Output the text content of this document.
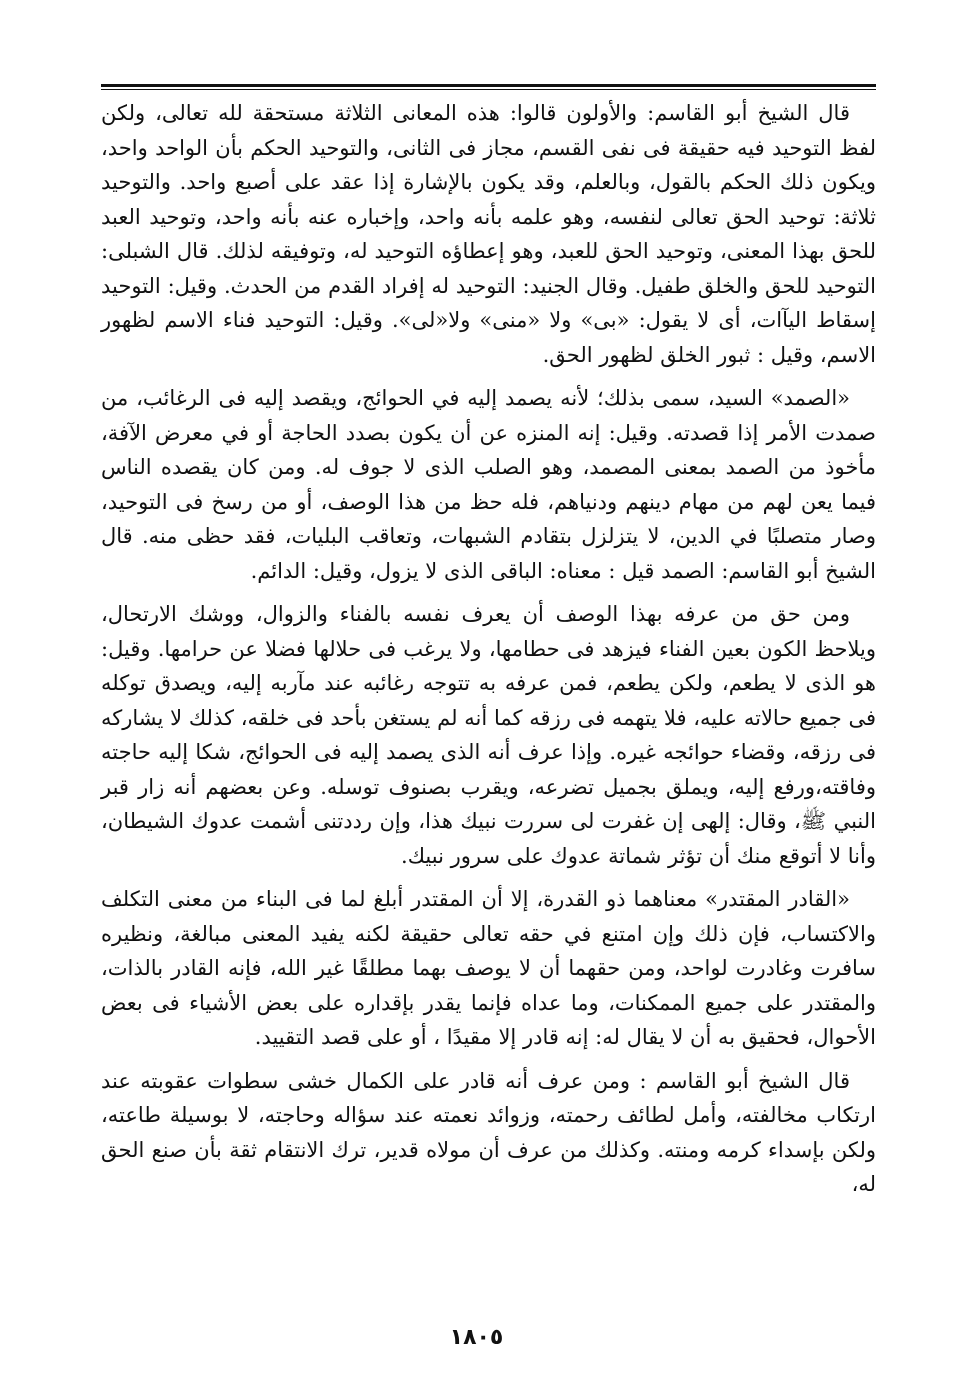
قال الشيخ أبو القاسم: والأولون قالوا: هذه المعانى الثلاثة مستحقة لله تعالى، ولكن لفظ التوحيد فيه حقيقة فى نفى القسم، مجاز فى الثانى، والتوحيد الحكم بأن الواحد واحد، ويكون ذلك الحكم بالقول، وبالعلم، وقد يكون بالإشارة إذا عقد على أصبع واحد. والتوحيد ثلاثة: توحيد الحق تعالى لنفسه، وهو علمه بأنه واحد، وإخباره عنه بأنه واحد، وتوحيد العبد للحق بهذا المعنى، وتوحيد الحق للعبد، وهو إعطاؤه التوحيد له، وتوفيقه لذلك. قال الشبلى: التوحيد للحق والخلق طفيل. وقال الجنيد: التوحيد له إفراد القدم من الحدث. وقيل: التوحيد إسقاط اليآات، أى لا يقول: «بى» ولا «منى» ولا«لى». وقيل: التوحيد فناء الاسم لظهور الاسم، وقيل : ثبور الخلق لظهور الحق.

«الصمد» السيد، سمى بذلك؛ لأنه يصمد إليه في الحوائج، ويقصد إليه فى الرغائب، من صمدت الأمر إذا قصدته. وقيل: إنه المنزه عن أن يكون بصدد الحاجة أو في معرض الآفة، مأخوذ من الصمد بمعنى المصمد، وهو الصلب الذى لا جوف له. ومن كان يقصده الناس فيما يعن لهم من مهام دينهم ودنياهم، فله حظ من هذا الوصف، أو من رسخ فى التوحيد، وصار متصلبًا في الدين، لا يتزلزل بتقادم الشبهات، وتعاقب البليات، فقد حظى منه. قال الشيخ أبو القاسم: الصمد قيل : معناه: الباقى الذى لا يزول، وقيل: الدائم.

ومن حق من عرفه بهذا الوصف أن يعرف نفسه بالفناء والزوال، ووشك الارتحال، ويلاحظ الكون بعين الفناء فيزهد فى حطامها، ولا يرغب فى حلالها فضلا عن حرامها. وقيل: هو الذى لا يطعم، ولكن يطعم، فمن عرفه به تتوجه رغائبه عند مآربه إليه، ويصدق توكله فى جميع حالاته عليه، فلا يتهمه فى رزقه كما أنه لم يستغن بأحد فى خلقه، كذلك لا يشاركه فى رزقه، وقضاء حوائجه غيره. وإذا عرف أنه الذى يصمد إليه فى الحوائج، شكا إليه حاجته وفاقته،ورفع إليه، ويملق بجميل تضرعه، ويقرب بصنوف توسله. وعن بعضهم أنه زار قبر النبي ﷺ، وقال: إلهى إن غفرت لى سررت نبيك هذا، وإن رددتنى أشمت عدوك الشيطان، وأنا لا أتوقع منك أن تؤثر شماتة عدوك على سرور نبيك.

«القادر المقتدر» معناهما ذو القدرة، إلا أن المقتدر أبلغ لما فى البناء من معنى التكلف والاكتساب، فإن ذلك وإن امتنع في حقه تعالى حقيقة لكنه يفيد المعنى مبالغة، ونظيره سافرت وغادرت لواحد، ومن حقهما أن لا يوصف بهما مطلقًا غير الله، فإنه القادر بالذات، والمقتدر على جميع الممكنات، وما عداه فإنما يقدر بإقداره على بعض الأشياء فى بعض الأحوال، فحقيق به أن لا يقال له: إنه قادر إلا مقيدًا ، أو على قصد التقييد.

قال الشيخ أبو القاسم : ومن عرف أنه قادر على الكمال خشى سطوات عقوبته عند ارتكاب مخالفته، وأمل لطائف رحمته، وزوائد نعمته عند سؤاله وحاجته، لا بوسيلة طاعته، ولكن بإسداء كرمه ومنته. وكذلك من عرف أن مولاه قدير، ترك الانتقام ثقة بأن صنع الحق له،

١٨٠٥
